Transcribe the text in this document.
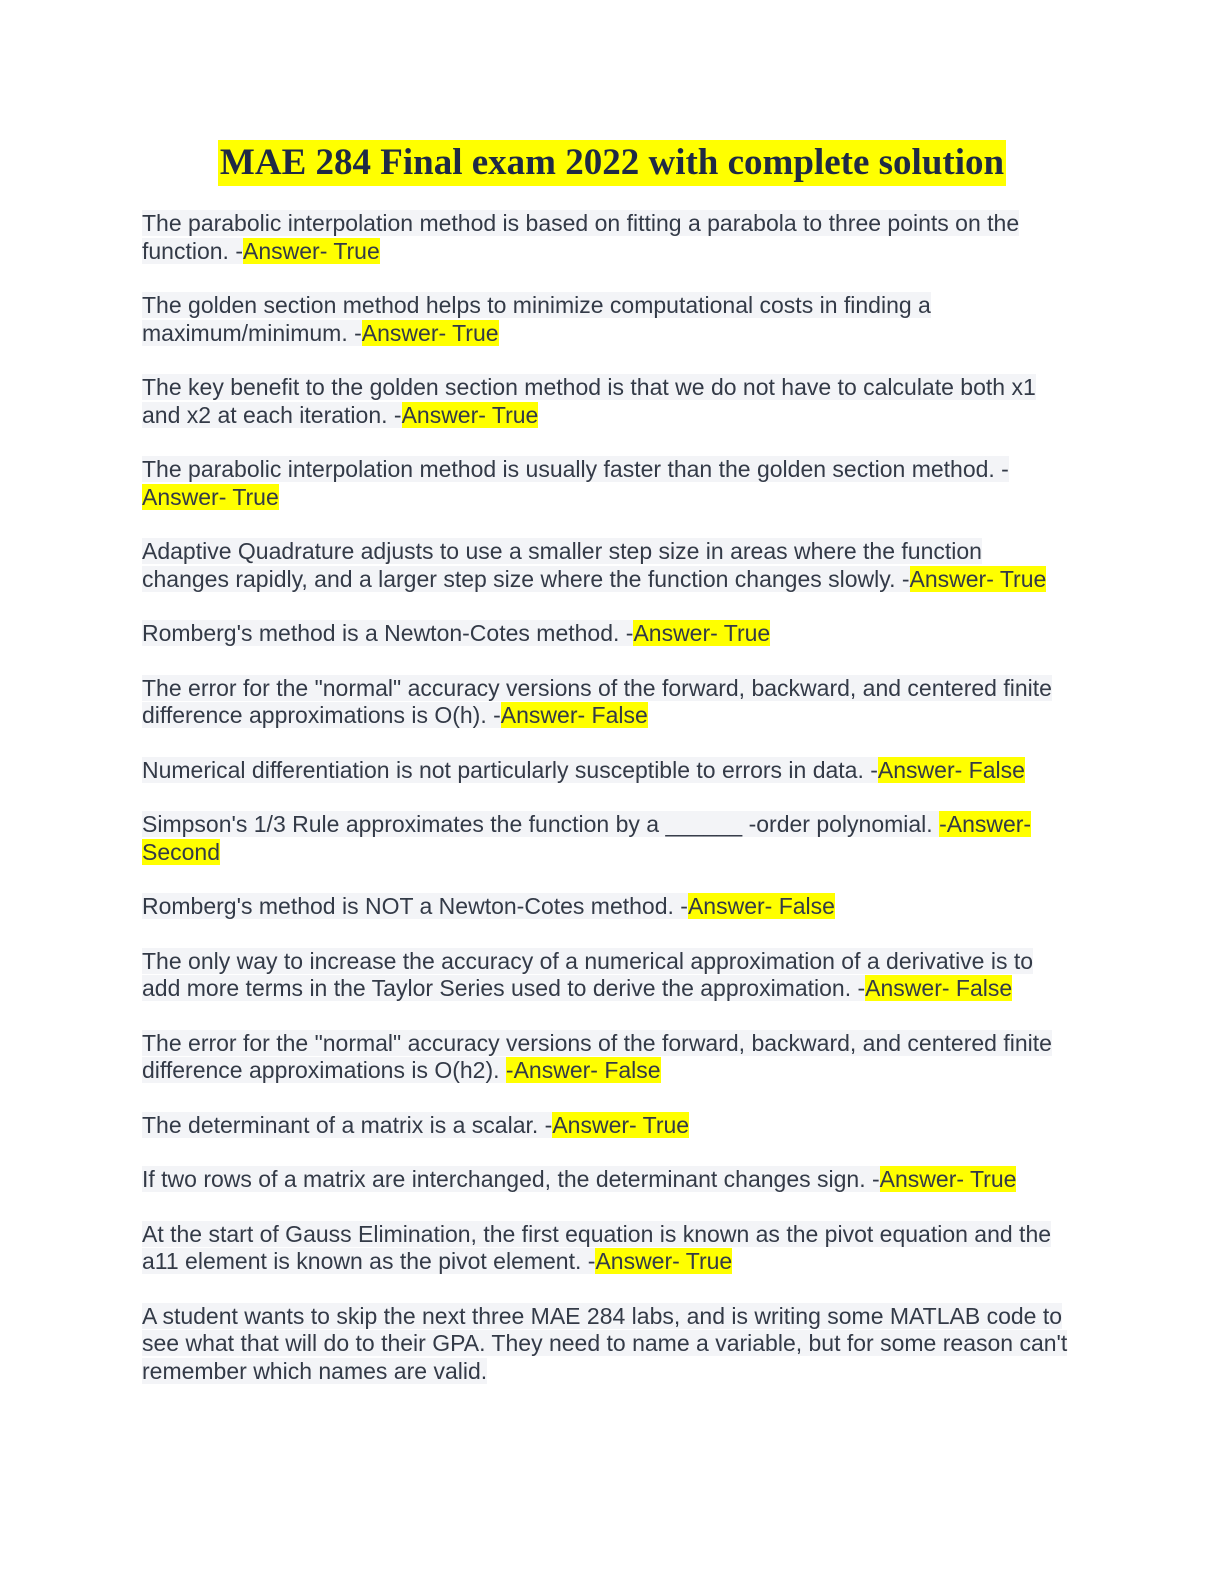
MAE 284 Final exam 2022 with complete solution

The parabolic interpolation method is based on fitting a parabola to three points on the function. -Answer- True

The golden section method helps to minimize computational costs in finding a maximum/minimum. -Answer- True

The key benefit to the golden section method is that we do not have to calculate both x1 and x2 at each iteration. -Answer- True

The parabolic interpolation method is usually faster than the golden section method. -Answer- True

Adaptive Quadrature adjusts to use a smaller step size in areas where the function changes rapidly, and a larger step size where the function changes slowly. -Answer- True

Romberg's method is a Newton-Cotes method. -Answer- True

The error for the "normal" accuracy versions of the forward, backward, and centered finite difference approximations is O(h). -Answer- False

Numerical differentiation is not particularly susceptible to errors in data. -Answer- False

Simpson's 1/3 Rule approximates the function by a ______ -order polynomial. -Answer- Second

Romberg's method is NOT a Newton-Cotes method. -Answer- False

The only way to increase the accuracy of a numerical approximation of a derivative is to add more terms in the Taylor Series used to derive the approximation. -Answer- False

The error for the "normal" accuracy versions of the forward, backward, and centered finite difference approximations is O(h2). -Answer- False

The determinant of a matrix is a scalar. -Answer- True

If two rows of a matrix are interchanged, the determinant changes sign. -Answer- True

At the start of Gauss Elimination, the first equation is known as the pivot equation and the a11 element is known as the pivot element. -Answer- True

A student wants to skip the next three MAE 284 labs, and is writing some MATLAB code to see what that will do to their GPA. They need to name a variable, but for some reason can't remember which names are valid.
